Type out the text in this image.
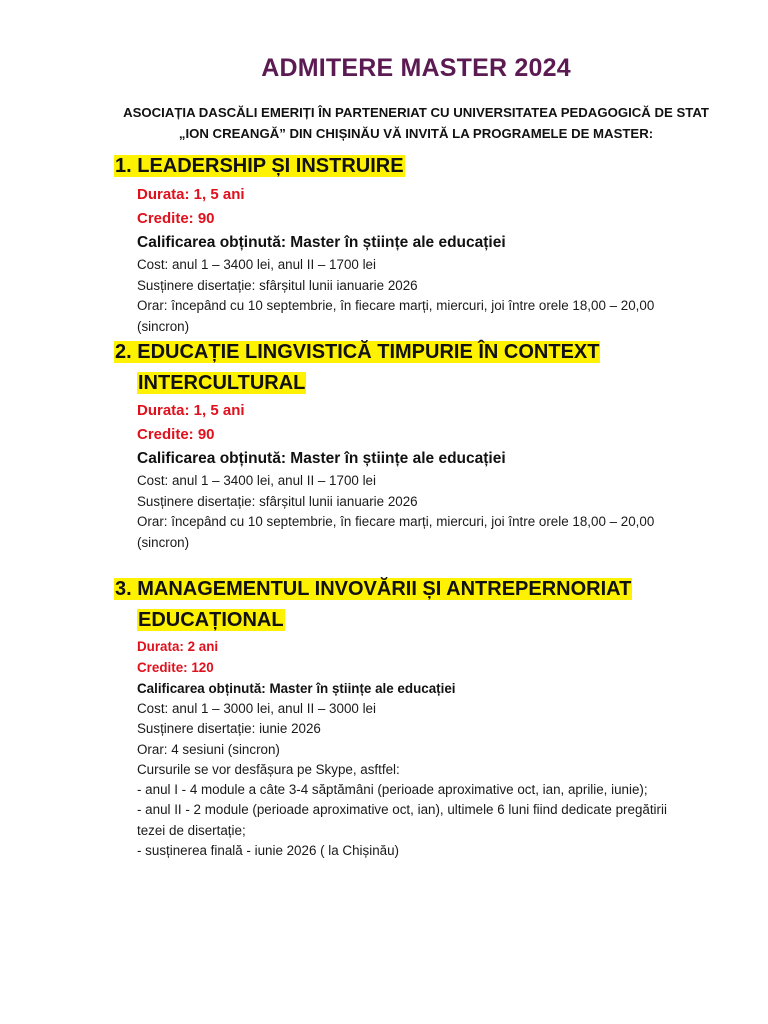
ADMITERE MASTER 2024
ASOCIAȚIA DASCĂLI EMERIȚI ÎN PARTENERIAT CU UNIVERSITATEA PEDAGOGICĂ DE STAT
„ION CREANGĂ” DIN CHIȘINĂU VĂ INVITĂ LA PROGRAMELE DE MASTER:
1. LEADERSHIP ȘI INSTRUIRE
Durata: 1, 5 ani
Credite: 90
Calificarea obținută: Master în științe ale educației
Cost: anul 1 – 3400 lei, anul II – 1700 lei
Susținere disertație: sfârșitul lunii ianuarie 2026
Orar: începând cu 10 septembrie, în fiecare marți, miercuri, joi între orele 18,00 – 20,00
(sincron)
2. EDUCAȚIE LINGVISTICĂ TIMPURIE ÎN CONTEXT
INTERCULTURAL
Durata: 1, 5 ani
Credite: 90
Calificarea obținută: Master în științe ale educației
Cost: anul 1 – 3400 lei, anul II – 1700 lei
Susținere disertație: sfârșitul lunii ianuarie 2026
Orar: începând cu 10 septembrie, în fiecare marți, miercuri, joi între orele 18,00 – 20,00
(sincron)
3. MANAGEMENTUL INVOVĂRII ȘI ANTREPERNORIAT
EDUCAȚIONAL
Durata: 2 ani
Credite: 120
Calificarea obținută: Master în științe ale educației
Cost: anul 1 – 3000 lei, anul II – 3000 lei
Susținere disertație: iunie 2026
Orar: 4 sesiuni (sincron)
Cursurile se vor desfășura pe Skype, asftfel:
- anul I - 4 module a câte 3-4 săptămâni (perioade aproximative oct, ian, aprilie, iunie);
- anul II - 2 module (perioade aproximative oct, ian), ultimele 6 luni fiind dedicate pregătirii
tezei de disertație;
- susținerea finală - iunie 2026 ( la Chișinău)
